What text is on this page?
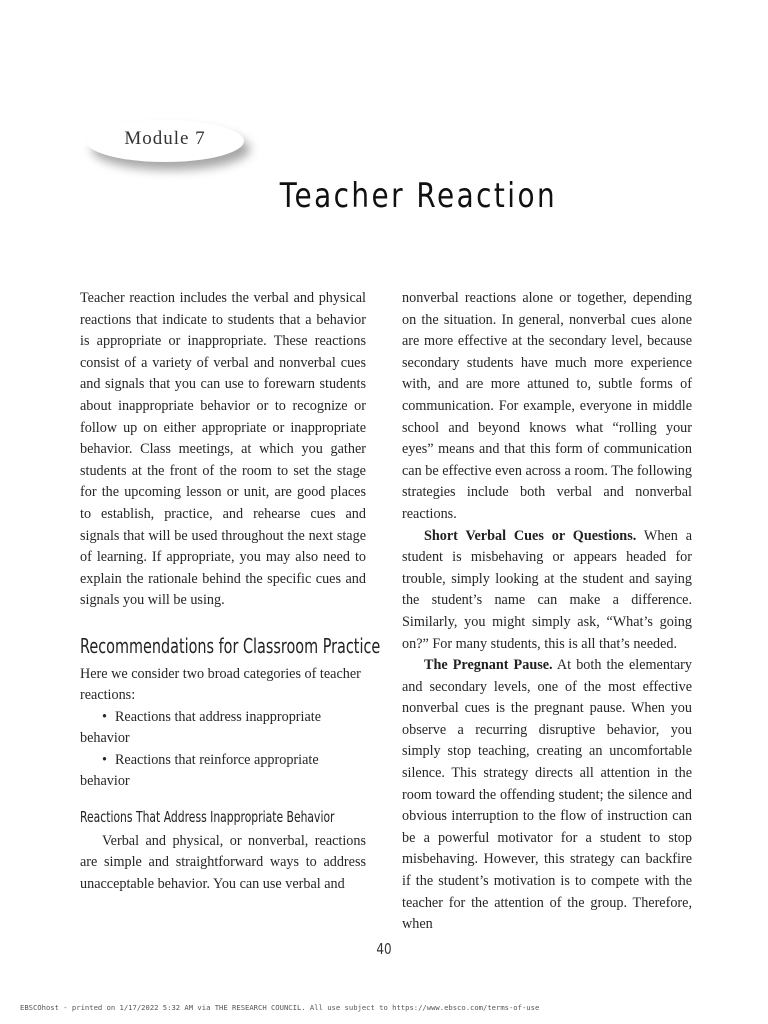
Module 7
Teacher Reaction

Teacher reaction includes the verbal and physical reactions that indicate to students that a behavior is appropriate or inappropriate. These reactions consist of a variety of verbal and nonverbal cues and signals that you can use to forewarn students about inappropriate behavior or to recognize or follow up on either appropriate or inappropriate behavior. Class meetings, at which you gather students at the front of the room to set the stage for the upcoming lesson or unit, are good places to establish, practice, and rehearse cues and signals that will be used throughout the next stage of learning. If appropriate, you may also need to explain the rationale behind the specific cues and signals you will be using.

Recommendations for Classroom Practice

Here we consider two broad categories of teacher reactions:

• Reactions that address inappropriate behavior
• Reactions that reinforce appropriate behavior
Reactions That Address Inappropriate Behavior

Verbal and physical, or nonverbal, reactions are simple and straightforward ways to address unacceptable behavior. You can use verbal and

nonverbal reactions alone or together, depending on the situation. In general, nonverbal cues alone are more effective at the secondary level, because secondary students have much more experience with, and are more attuned to, subtle forms of communication. For example, everyone in middle school and beyond knows what “rolling your eyes” means and that this form of communication can be effective even across a room. The following strategies include both verbal and nonverbal reactions.

Short Verbal Cues or Questions. When a student is misbehaving or appears headed for trouble, simply looking at the student and saying the student’s name can make a difference. Similarly, you might simply ask, “What’s going on?” For many students, this is all that’s needed.

The Pregnant Pause. At both the elementary and secondary levels, one of the most effective nonverbal cues is the pregnant pause. When you observe a recurring disruptive behavior, you simply stop teaching, creating an uncomfortable silence. This strategy directs all attention in the room toward the offending student; the silence and obvious interruption to the flow of instruction can be a powerful motivator for a student to stop misbehaving. However, this strategy can backfire if the student’s motivation is to compete with the teacher for the attention of the group. Therefore, when

40
EBSCOhost - printed on 1/17/2022 5:32 AM via THE RESEARCH COUNCIL. All use subject to https://www.ebsco.com/terms-of-use
